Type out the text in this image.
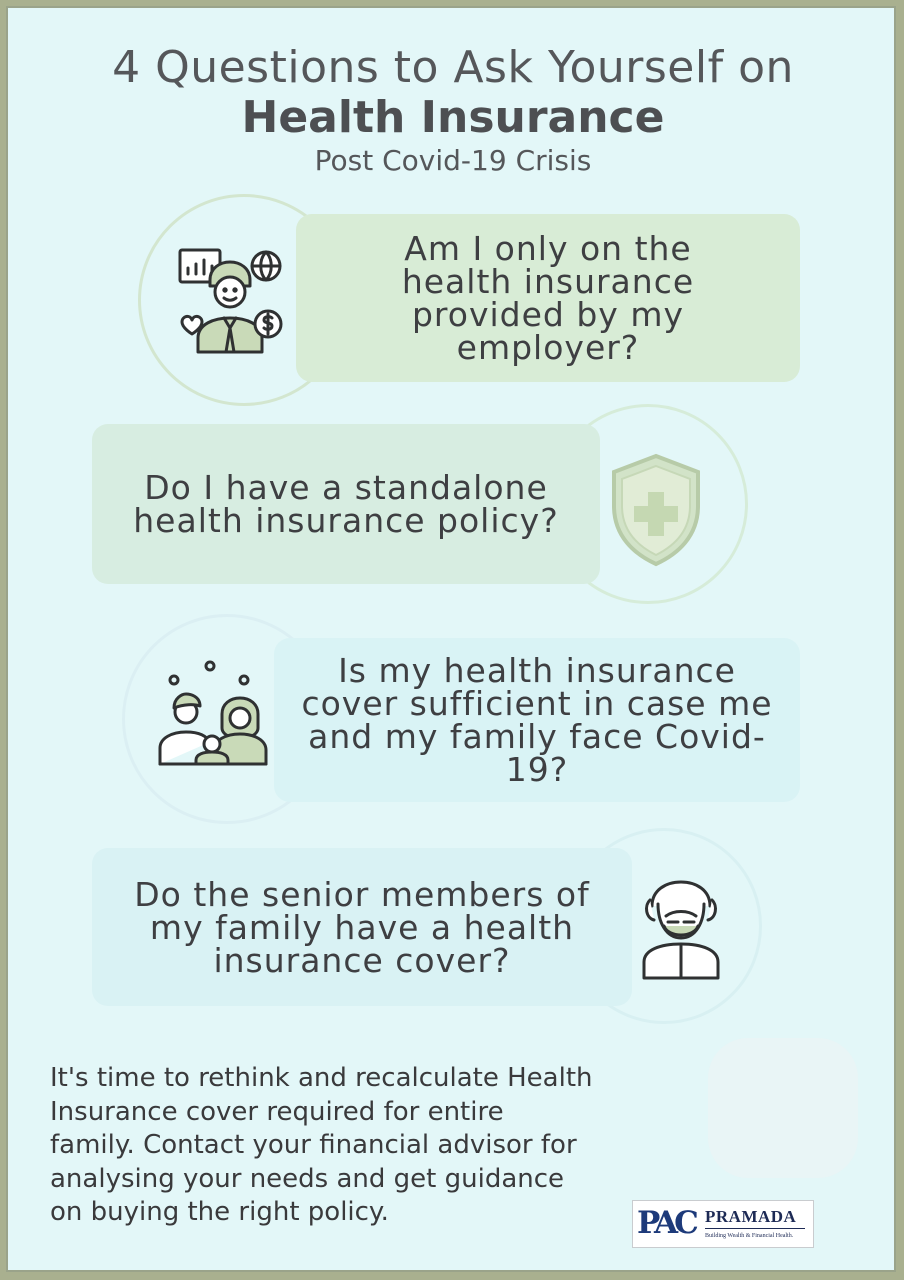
4 Questions to Ask Yourself on
Health Insurance
Post Covid-19 Crisis
Am I only on the health insurance provided by my employer?
Do I have a standalone health insurance policy?
Is my health insurance cover sufficient in case me and my family face Covid-19?
Do the senior members of my family have a health insurance cover?
It's time to rethink and recalculate Health
Insurance cover required for entire
family. Contact your financial advisor for
analysing your needs and get guidance
on buying the right policy.	PAC PRAMADA
Building Wealth & Financial Health.
